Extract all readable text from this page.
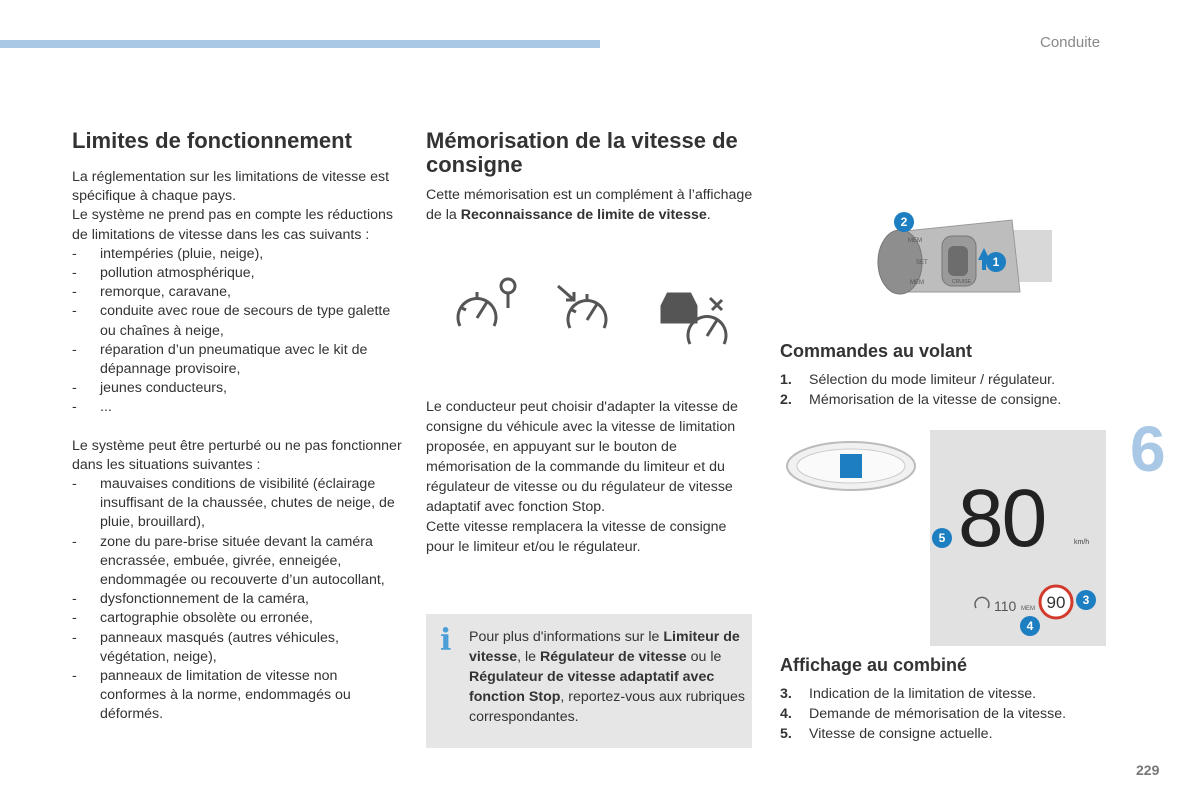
Conduite
6
229
Limites de fonctionnement

La réglementation sur les limitations de vitesse est spécifique à chaque pays.

Le système ne prend pas en compte les réductions de limitations de vitesse dans les cas suivants :

- intempéries (pluie, neige),
- pollution atmosphérique,
- remorque, caravane,
- conduite avec roue de secours de type galette ou chaînes à neige,
- réparation d’un pneumatique avec le kit de dépannage provisoire,
- jeunes conducteurs,
- ...

Le système peut être perturbé ou ne pas fonctionner dans les situations suivantes :

- mauvaises conditions de visibilité (éclairage insuffisant de la chaussée, chutes de neige, de pluie, brouillard),
- zone du pare-brise située devant la caméra encrassée, embuée, givrée, enneigée, endommagée ou recouverte d’un autocollant,
- dysfonctionnement de la caméra,
- cartographie obsolète ou erronée,
- panneaux masqués (autres véhicules, végétation, neige),
- panneaux de limitation de vitesse non conformes à la norme, endommagés ou déformés.
Mémorisation de la vitesse de consigne

Cette mémorisation est un complément à l’affichage de la Reconnaissance de limite de vitesse.

Le conducteur peut choisir d'adapter la vitesse de consigne du véhicule avec la vitesse de limitation proposée, en appuyant sur le bouton de mémorisation de la commande du limiteur et du régulateur de vitesse ou du régulateur de vitesse adaptatif avec fonction Stop.

Cette vitesse remplacera la vitesse de consigne pour le limiteur et/ou le régulateur.

i Pour plus d'informations sur le Limiteur de vitesse, le Régulateur de vitesse ou le Régulateur de vitesse adaptatif avec fonction Stop, reportez-vous aux rubriques correspondantes.
MEM
MEM
SET
CRUISE
2
1
Commandes au volant
1. Sélection du mode limiteur / régulateur.
2. Mémorisation de la vitesse de consigne.
80	km/h
110 MEM 90
5
3
4
Affichage au combiné
3. Indication de la limitation de vitesse.
4. Demande de mémorisation de la vitesse.
5. Vitesse de consigne actuelle.
